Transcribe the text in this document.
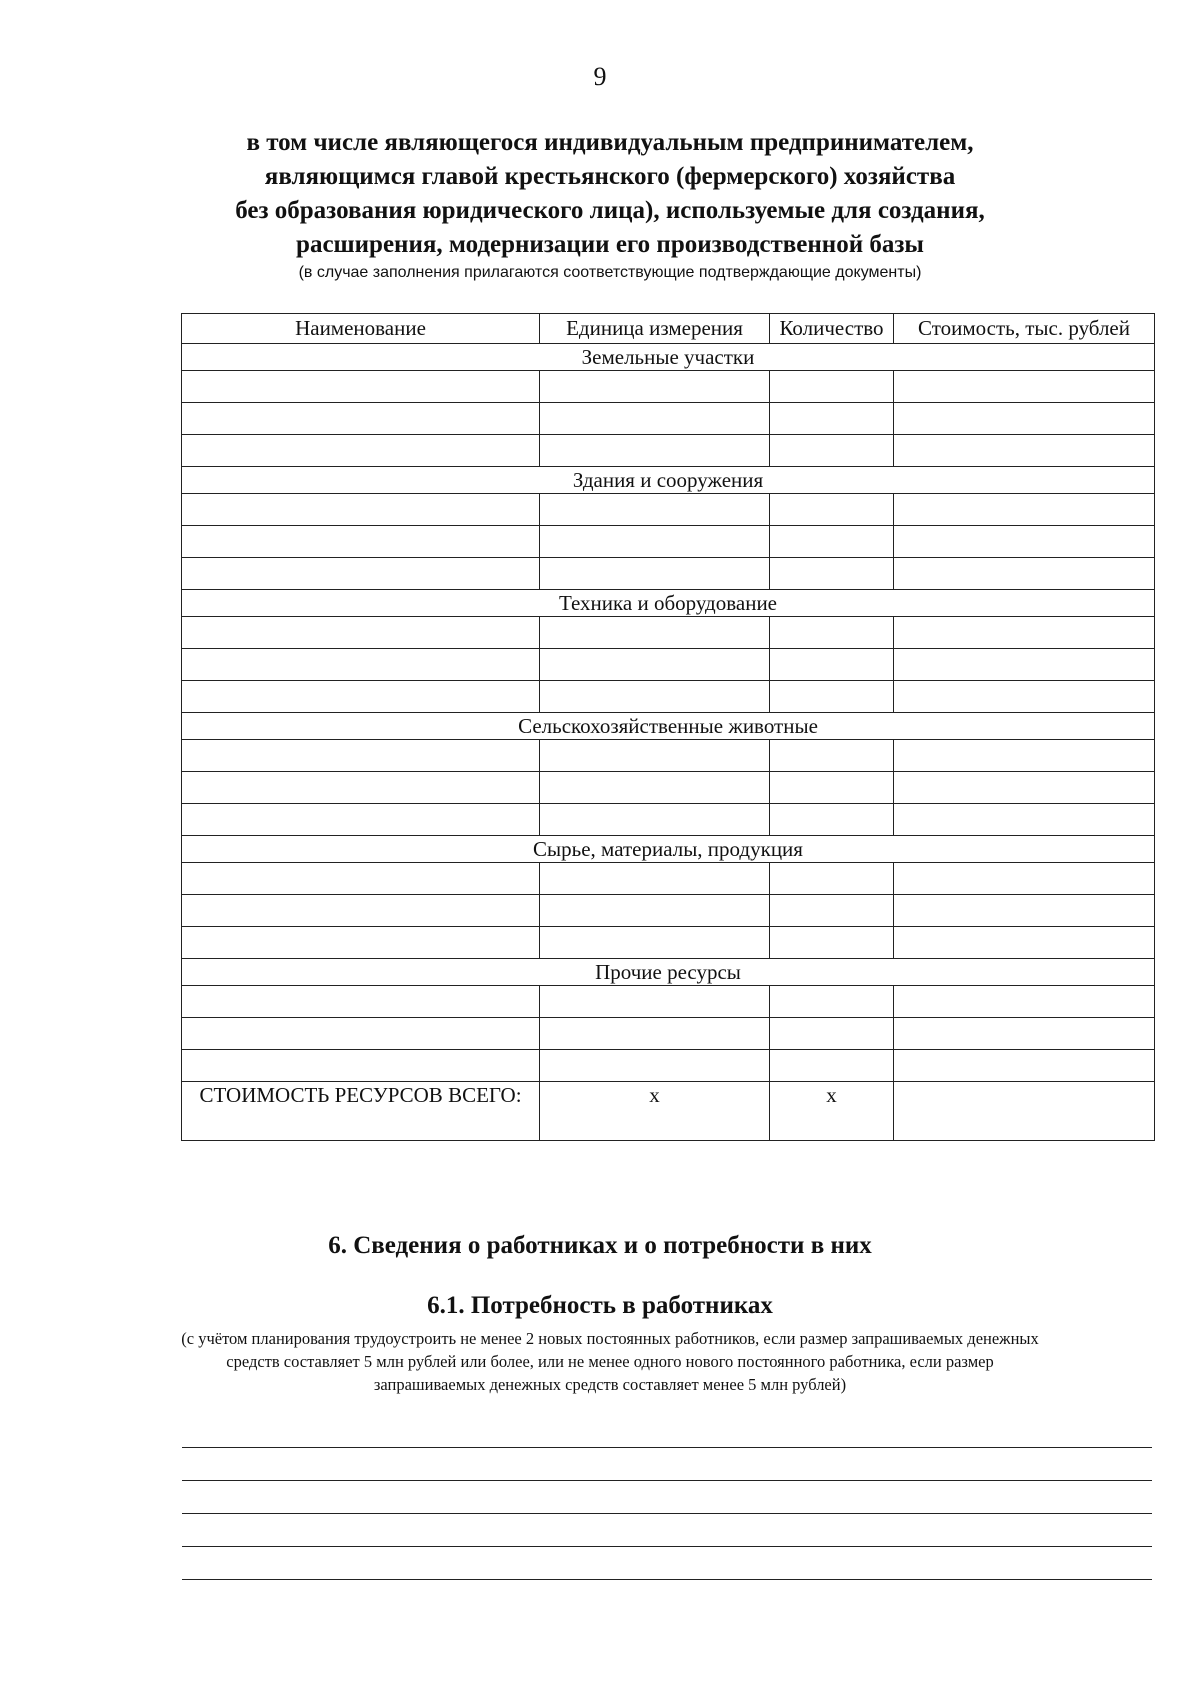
9
в том числе являющегося индивидуальным предпринимателем,
являющимся главой крестьянского (фермерского) хозяйства
без образования юридического лица), используемые для создания,
расширения, модернизации его производственной базы
(в случае заполнения прилагаются соответствующие подтверждающие документы)
Наименование	Единица измерения	Количество	Стоимость, тыс. рублей
Земельные участки			

Здания и сооружения			

Техника и оборудование			

Сельскохозяйственные животные			

Сырье, материалы, продукция			

Прочие ресурсы			

СТОИМОСТЬ РЕСУРСОВ ВСЕГО:	х	х	
6. Сведения о работниках и о потребности в них
6.1. Потребность в работниках
(с учётом планирования трудоустроить не менее 2 новых постоянных работников, если размер запрашиваемых денежных средств составляет 5 млн рублей или более, или не менее одного нового постоянного работника, если размер запрашиваемых денежных средств составляет менее 5 млн рублей)
